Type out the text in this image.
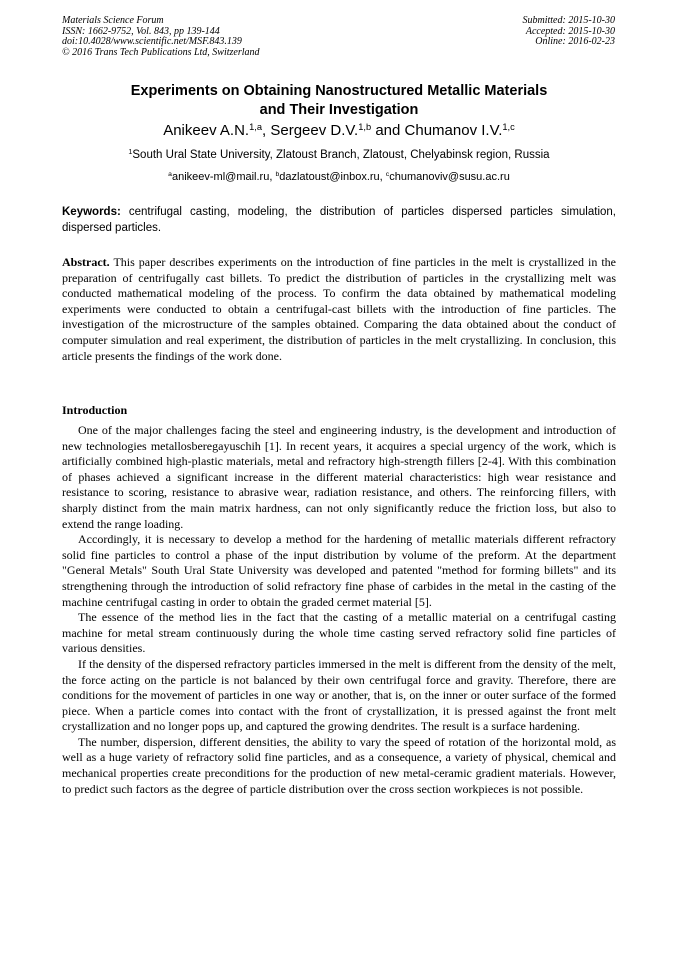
Materials Science Forum
ISSN: 1662-9752, Vol. 843, pp 139-144
doi:10.4028/www.scientific.net/MSF.843.139
© 2016 Trans Tech Publications Ltd, Switzerland
Submitted: 2015-10-30
Accepted: 2015-10-30
Online: 2016-02-23
Experiments on Obtaining Nanostructured Metallic Materials
and Their Investigation
Anikeev A.N.$^{1,a}$, Sergeev D.V.$^{1,b}$ and Chumanov I.V.$^{1,c}$
$^1$South Ural State University, Zlatoust Branch, Zlatoust, Chelyabinsk region, Russia
$^a$anikeev-ml@mail.ru, $^b$dazlatoust@inbox.ru, $^c$chumanoviv@susu.ac.ru
Keywords: centrifugal casting, modeling, the distribution of particles dispersed particles simulation, dispersed particles.

Abstract. This paper describes experiments on the introduction of fine particles in the melt is crystallized in the preparation of centrifugally cast billets. To predict the distribution of particles in the crystallizing melt was conducted mathematical modeling of the process. To confirm the data obtained by mathematical modeling experiments were conducted to obtain a centrifugal-cast billets with the introduction of fine particles. The investigation of the microstructure of the samples obtained. Comparing the data obtained about the conduct of computer simulation and real experiment, the distribution of particles in the melt crystallizing. In conclusion, this article presents the findings of the work done.

Introduction

One of the major challenges facing the steel and engineering industry, is the development and introduction of new technologies metallosberegayuschih [1]. In recent years, it acquires a special urgency of the work, which is artificially combined high-plastic materials, metal and refractory high-strength fillers [2-4]. With this combination of phases achieved a significant increase in the different material characteristics: high wear resistance and resistance to scoring, resistance to abrasive wear, radiation resistance, and others. The reinforcing fillers, with sharply distinct from the main matrix hardness, can not only significantly reduce the friction loss, but also to extend the range loading.

Accordingly, it is necessary to develop a method for the hardening of metallic materials different refractory solid fine particles to control a phase of the input distribution by volume of the preform. At the department "General Metals" South Ural State University was developed and patented "method for forming billets" and its strengthening through the introduction of solid refractory fine phase of carbides in the metal in the casting of the machine centrifugal casting in order to obtain the graded cermet material [5].

The essence of the method lies in the fact that the casting of a metallic material on a centrifugal casting machine for metal stream continuously during the whole time casting served refractory solid fine particles of various densities.

If the density of the dispersed refractory particles immersed in the melt is different from the density of the melt, the force acting on the particle is not balanced by their own centrifugal force and gravity. Therefore, there are conditions for the movement of particles in one way or another, that is, on the inner or outer surface of the formed piece. When a particle comes into contact with the front of crystallization, it is pressed against the front melt crystallization and no longer pops up, and captured the growing dendrites. The result is a surface hardening.

The number, dispersion, different densities, the ability to vary the speed of rotation of the horizontal mold, as well as a huge variety of refractory solid fine particles, and as a consequence, a variety of physical, chemical and mechanical properties create preconditions for the production of new metal-ceramic gradient materials. However, to predict such factors as the degree of particle distribution over the cross section workpieces is not possible.
